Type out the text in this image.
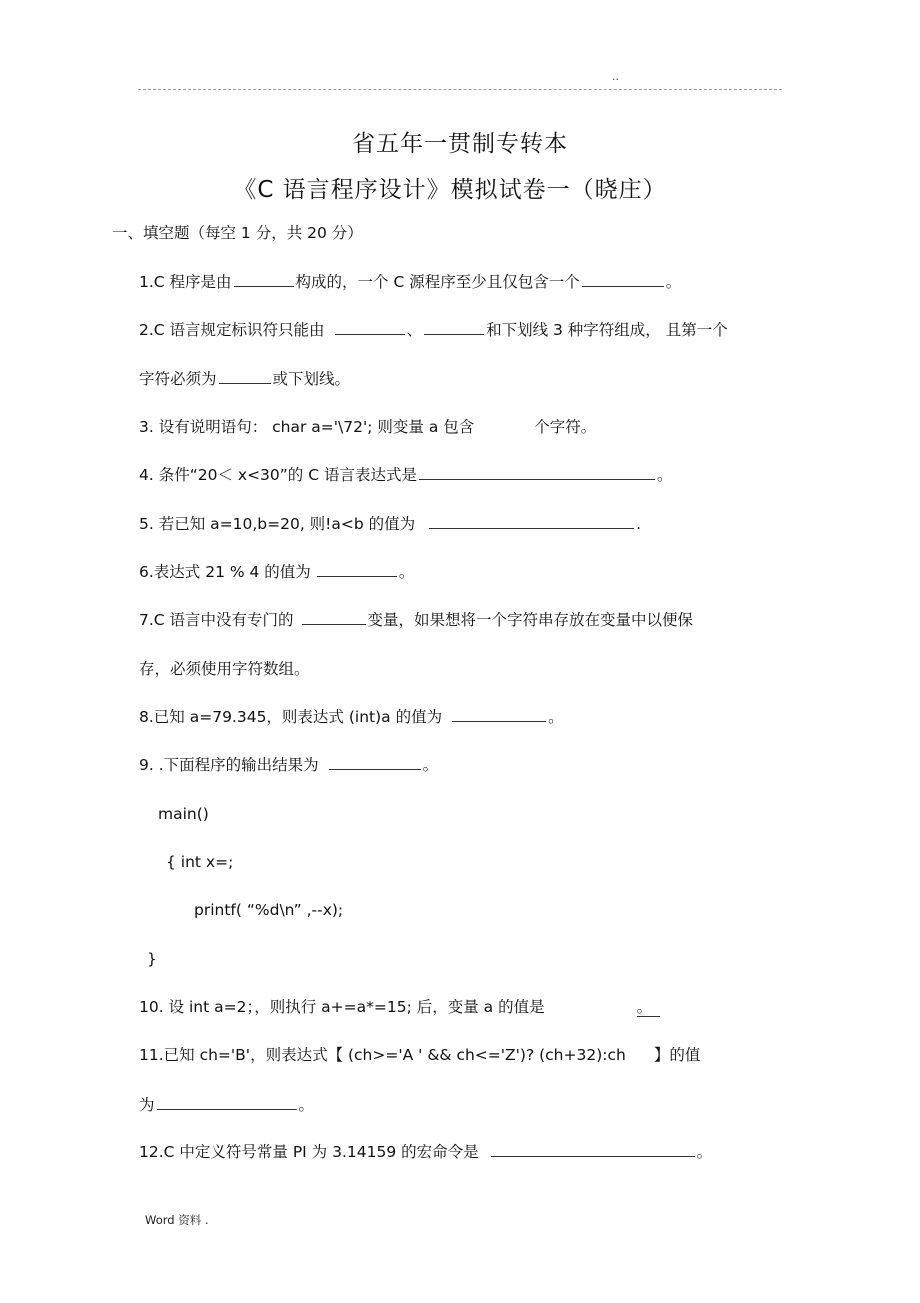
..
省五年一贯制专转本
《C 语言程序设计》模拟试卷一（晓庄）
一、填空题（每空 1 分，共 20 分）
1.C 程序是由	构成的，一个 C 源程序至少且仅包含一个	。
2.C 语言规定标识符只能由	、	和下划线 3 种字符组成， 且第一个
字符必须为	或下划线。
3. 设有说明语句： char a='\72'; 则变量 a 包含	个字符。
4. 条件“20＜ x<30”的 C 语言表达式是	。
5. 若已知 a=10,b=20, 则!a<b 的值为	.
6.表达式 21 % 4 的值为	。
7.C 语言中没有专门的	变量，如果想将一个字符串存放在变量中以便保
存，必须使用字符数组。
8.已知 a=79.345，则表达式 (int)a 的值为	。
9. .下面程序的输出结果为	。
main()
{ int x=;
printf( “%d\n” ,--x);
}
10. 设 int a=2；，则执行 a+=a*=15; 后，变量 a 的值是	。
11.已知 ch='B'，则表达式【 (ch>='A ' && ch<='Z')? (ch+32):ch 】的值
为	。
12.C 中定义符号常量 PI 为 3.14159 的宏命令是	。
Word 资料 .
